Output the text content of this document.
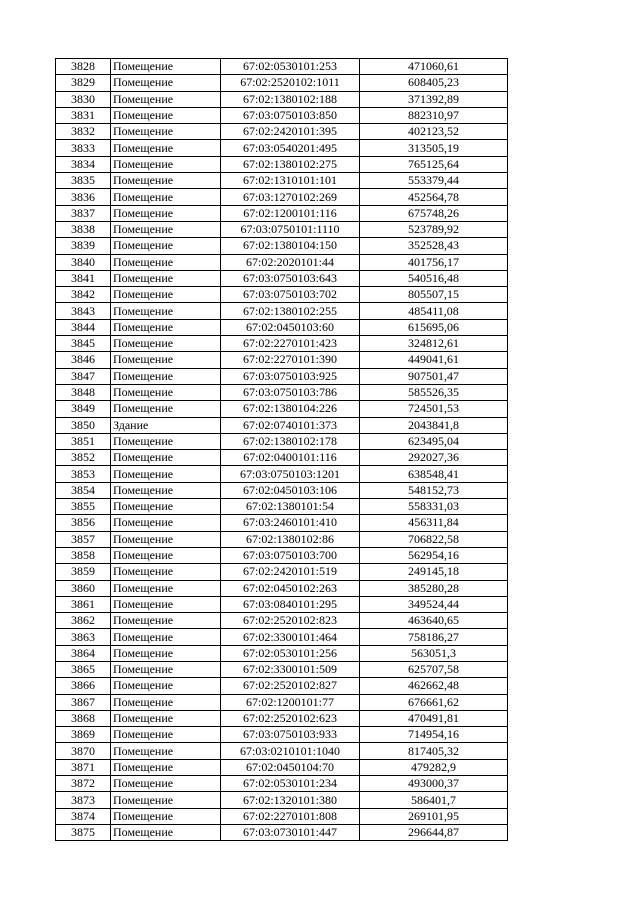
3828	Помещение	67:02:0530101:253	471060,61
3829	Помещение	67:02:2520102:1011	608405,23
3830	Помещение	67:02:1380102:188	371392,89
3831	Помещение	67:03:0750103:850	882310,97
3832	Помещение	67:02:2420101:395	402123,52
3833	Помещение	67:03:0540201:495	313505,19
3834	Помещение	67:02:1380102:275	765125,64
3835	Помещение	67:02:1310101:101	553379,44
3836	Помещение	67:03:1270102:269	452564,78
3837	Помещение	67:02:1200101:116	675748,26
3838	Помещение	67:03:0750101:1110	523789,92
3839	Помещение	67:02:1380104:150	352528,43
3840	Помещение	67:02:2020101:44	401756,17
3841	Помещение	67:03:0750103:643	540516,48
3842	Помещение	67:03:0750103:702	805507,15
3843	Помещение	67:02:1380102:255	485411,08
3844	Помещение	67:02:0450103:60	615695,06
3845	Помещение	67:02:2270101:423	324812,61
3846	Помещение	67:02:2270101:390	449041,61
3847	Помещение	67:03:0750103:925	907501,47
3848	Помещение	67:03:0750103:786	585526,35
3849	Помещение	67:02:1380104:226	724501,53
3850	Здание	67:02:0740101:373	2043841,8
3851	Помещение	67:02:1380102:178	623495,04
3852	Помещение	67:02:0400101:116	292027,36
3853	Помещение	67:03:0750103:1201	638548,41
3854	Помещение	67:02:0450103:106	548152,73
3855	Помещение	67:02:1380101:54	558331,03
3856	Помещение	67:03:2460101:410	456311,84
3857	Помещение	67:02:1380102:86	706822,58
3858	Помещение	67:03:0750103:700	562954,16
3859	Помещение	67:02:2420101:519	249145,18
3860	Помещение	67:02:0450102:263	385280,28
3861	Помещение	67:03:0840101:295	349524,44
3862	Помещение	67:02:2520102:823	463640,65
3863	Помещение	67:02:3300101:464	758186,27
3864	Помещение	67:02:0530101:256	563051,3
3865	Помещение	67:02:3300101:509	625707,58
3866	Помещение	67:02:2520102:827	462662,48
3867	Помещение	67:02:1200101:77	676661,62
3868	Помещение	67:02:2520102:623	470491,81
3869	Помещение	67:03:0750103:933	714954,16
3870	Помещение	67:03:0210101:1040	817405,32
3871	Помещение	67:02:0450104:70	479282,9
3872	Помещение	67:02:0530101:234	493000,37
3873	Помещение	67:02:1320101:380	586401,7
3874	Помещение	67:02:2270101:808	269101,95
3875	Помещение	67:03:0730101:447	296644,87
